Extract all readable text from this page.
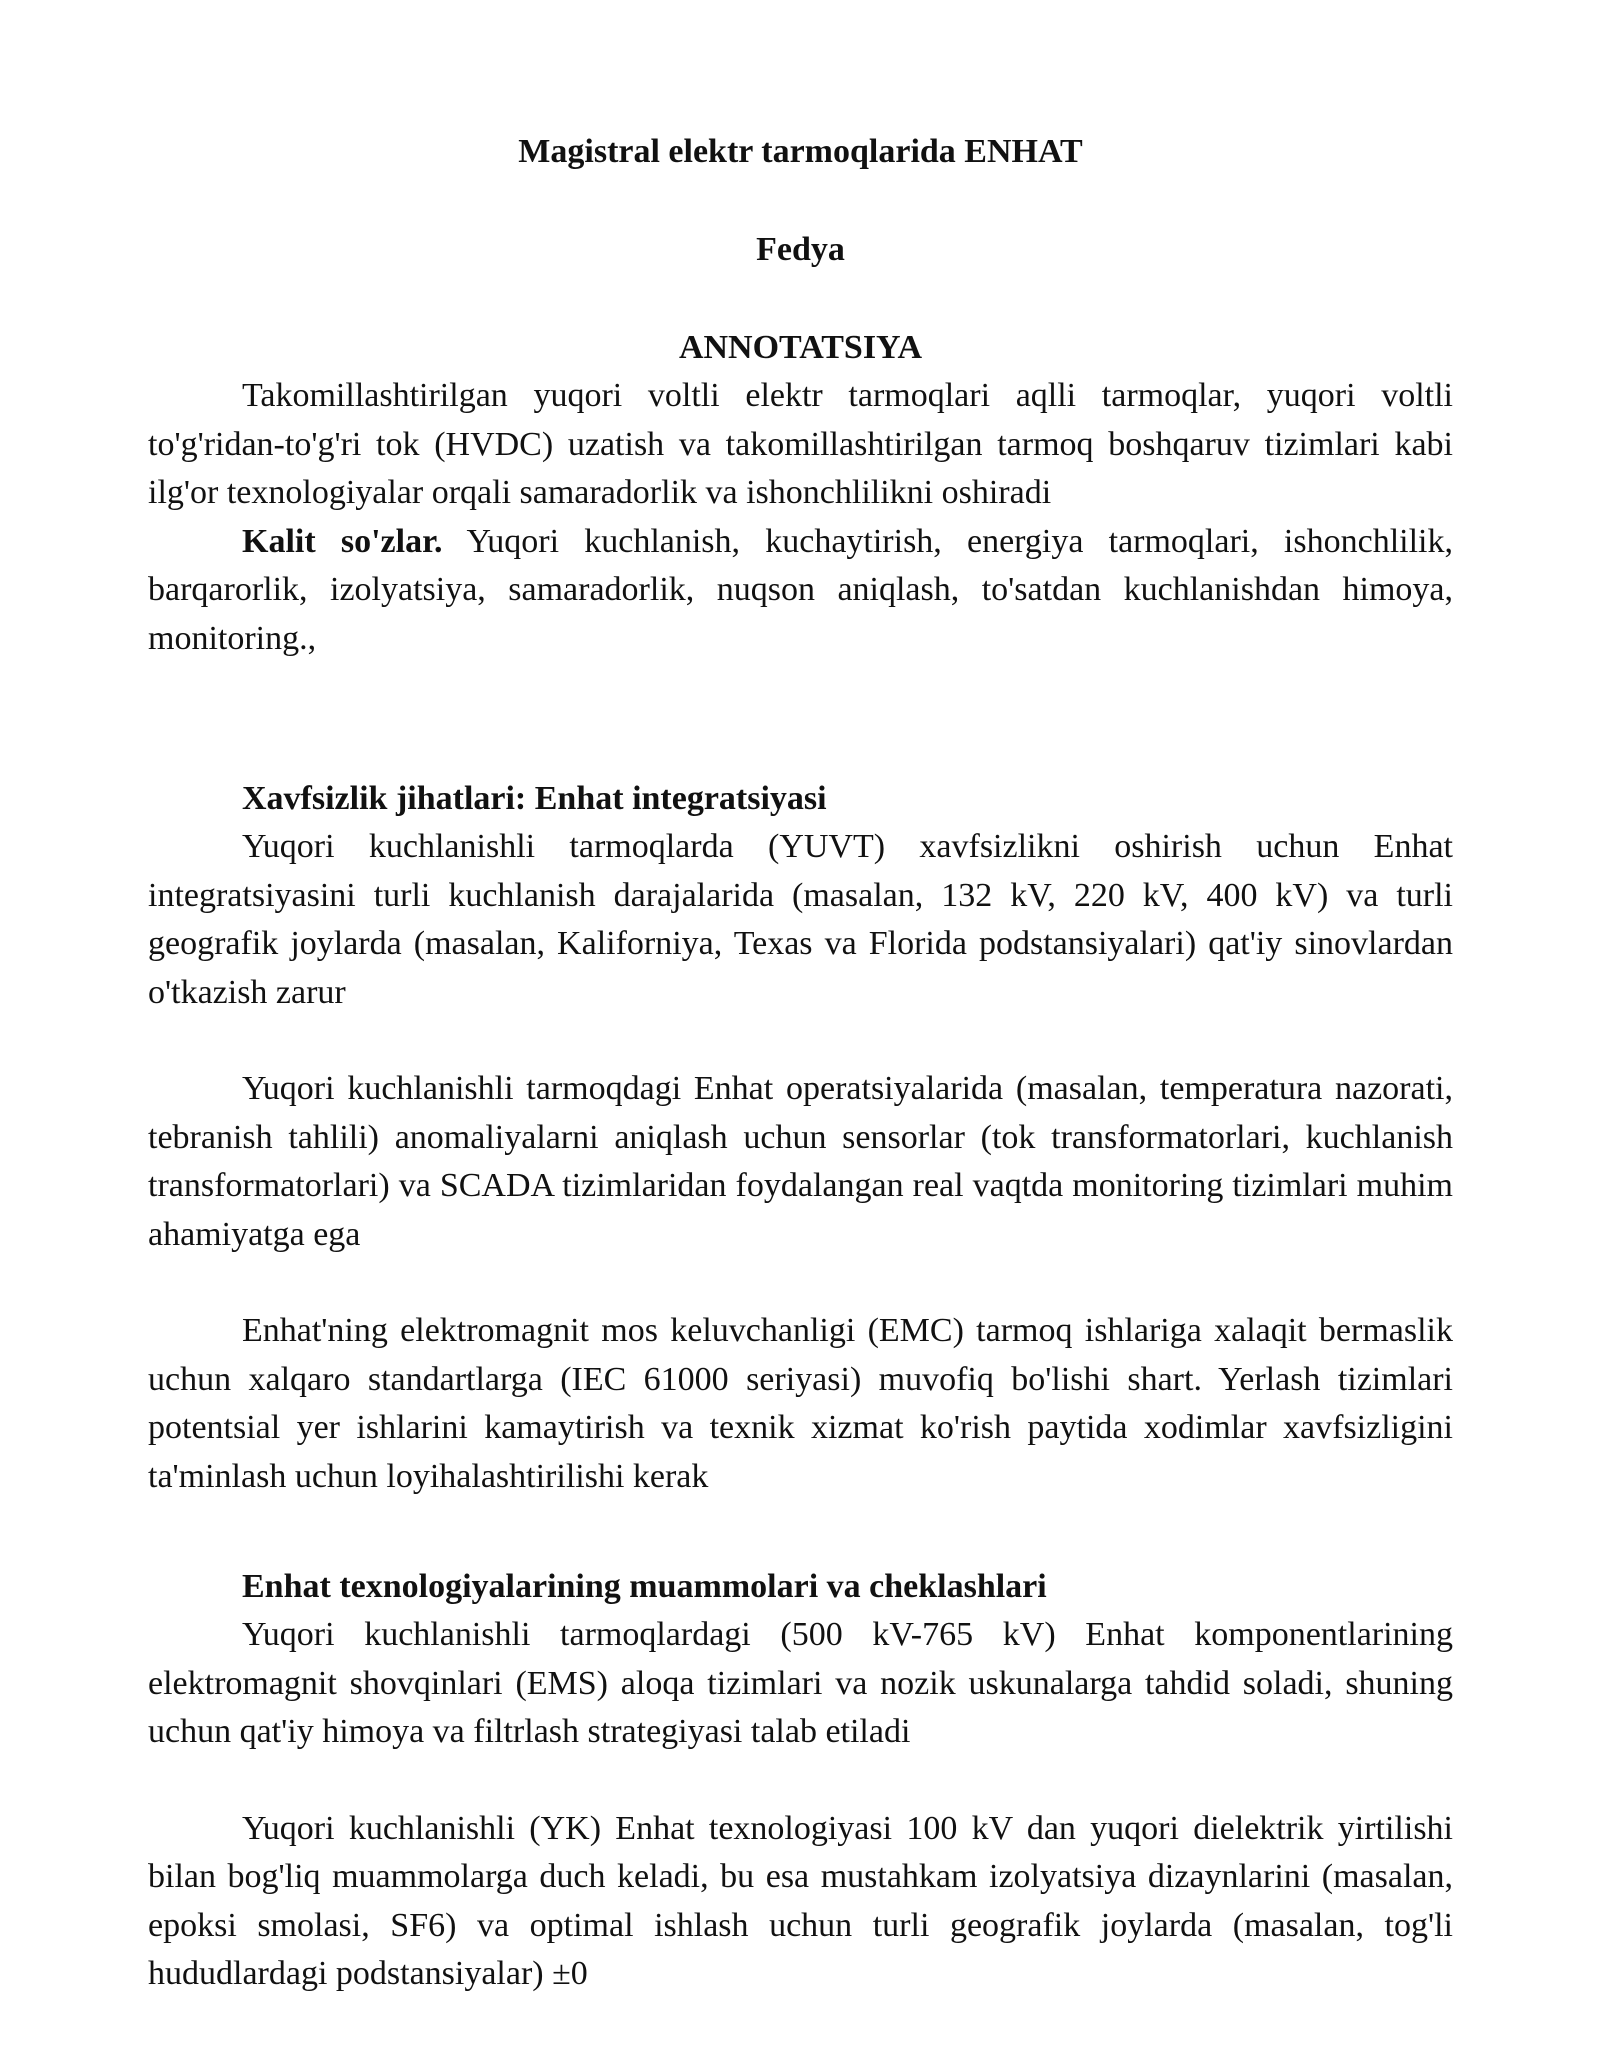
Magistral elektr tarmoqlarida ENHAT
Fedya
ANNOTATSIYA

Takomillashtirilgan yuqori voltli elektr tarmoqlari aqlli tarmoqlar, yuqori voltli to'g'ridan-to'g'ri tok (HVDC) uzatish va takomillashtirilgan tarmoq boshqaruv tizimlari kabi ilg'or texnologiyalar orqali samaradorlik va ishonchlilikni oshiradi

Kalit so'zlar. Yuqori kuchlanish, kuchaytirish, energiya tarmoqlari, ishonchlilik, barqarorlik, izolyatsiya, samaradorlik, nuqson aniqlash, to'satdan kuchlanishdan himoya, monitoring.,

Xavfsizlik jihatlari: Enhat integratsiyasi

Yuqori kuchlanishli tarmoqlarda (YUVT) xavfsizlikni oshirish uchun Enhat integratsiyasini turli kuchlanish darajalarida (masalan, 132 kV, 220 kV, 400 kV) va turli geografik joylarda (masalan, Kaliforniya, Texas va Florida podstansiyalari) qat'iy sinovlardan o'tkazish zarur

Yuqori kuchlanishli tarmoqdagi Enhat operatsiyalarida (masalan, temperatura nazorati, tebranish tahlili) anomaliyalarni aniqlash uchun sensorlar (tok transformatorlari, kuchlanish transformatorlari) va SCADA tizimlaridan foydalangan real vaqtda monitoring tizimlari muhim ahamiyatga ega

Enhat'ning elektromagnit mos keluvchanligi (EMC) tarmoq ishlariga xalaqit bermaslik uchun xalqaro standartlarga (IEC 61000 seriyasi) muvofiq bo'lishi shart. Yerlash tizimlari potentsial yer ishlarini kamaytirish va texnik xizmat ko'rish paytida xodimlar xavfsizligini ta'minlash uchun loyihalashtirilishi kerak

Enhat texnologiyalarining muammolari va cheklashlari

Yuqori kuchlanishli tarmoqlardagi (500 kV-765 kV) Enhat komponentlarining elektromagnit shovqinlari (EMS) aloqa tizimlari va nozik uskunalarga tahdid soladi, shuning uchun qat'iy himoya va filtrlash strategiyasi talab etiladi

Yuqori kuchlanishli (YK) Enhat texnologiyasi 100 kV dan yuqori dielektrik yirtilishi bilan bog'liq muammolarga duch keladi, bu esa mustahkam izolyatsiya dizaynlarini (masalan, epoksi smolasi, SF6) va optimal ishlash uchun turli geografik joylarda (masalan, tog'li hududlardagi podstansiyalar) ±0
